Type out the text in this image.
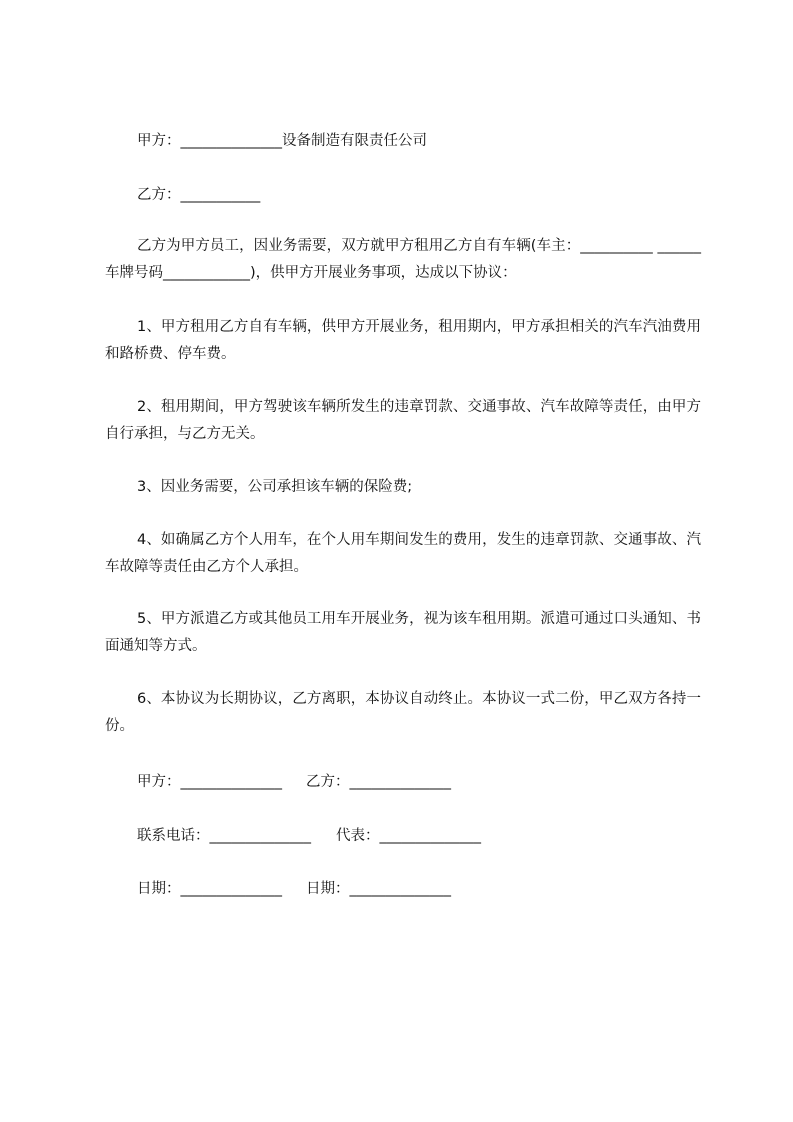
甲方：______________设备制造有限责任公司
乙方：___________
乙方为甲方员工，因业务需要，双方就甲方租用乙方自有车辆(车主：__________ ______车牌号码____________)，供甲方开展业务事项，达成以下协议：
1、甲方租用乙方自有车辆，供甲方开展业务，租用期内，甲方承担相关的汽车汽油费用和路桥费、停车费。
2、租用期间，甲方驾驶该车辆所发生的违章罚款、交通事故、汽车故障等责任，由甲方自行承担，与乙方无关。
3、因业务需要，公司承担该车辆的保险费;
4、如确属乙方个人用车，在个人用车期间发生的费用，发生的违章罚款、交通事故、汽车故障等责任由乙方个人承担。
5、甲方派遣乙方或其他员工用车开展业务，视为该车租用期。派遣可通过口头通知、书面通知等方式。
6、本协议为长期协议，乙方离职，本协议自动终止。本协议一式二份，甲乙双方各持一份。
甲方：______________ 乙方：______________
联系电话：______________ 代表：______________
日期：______________ 日期：______________
